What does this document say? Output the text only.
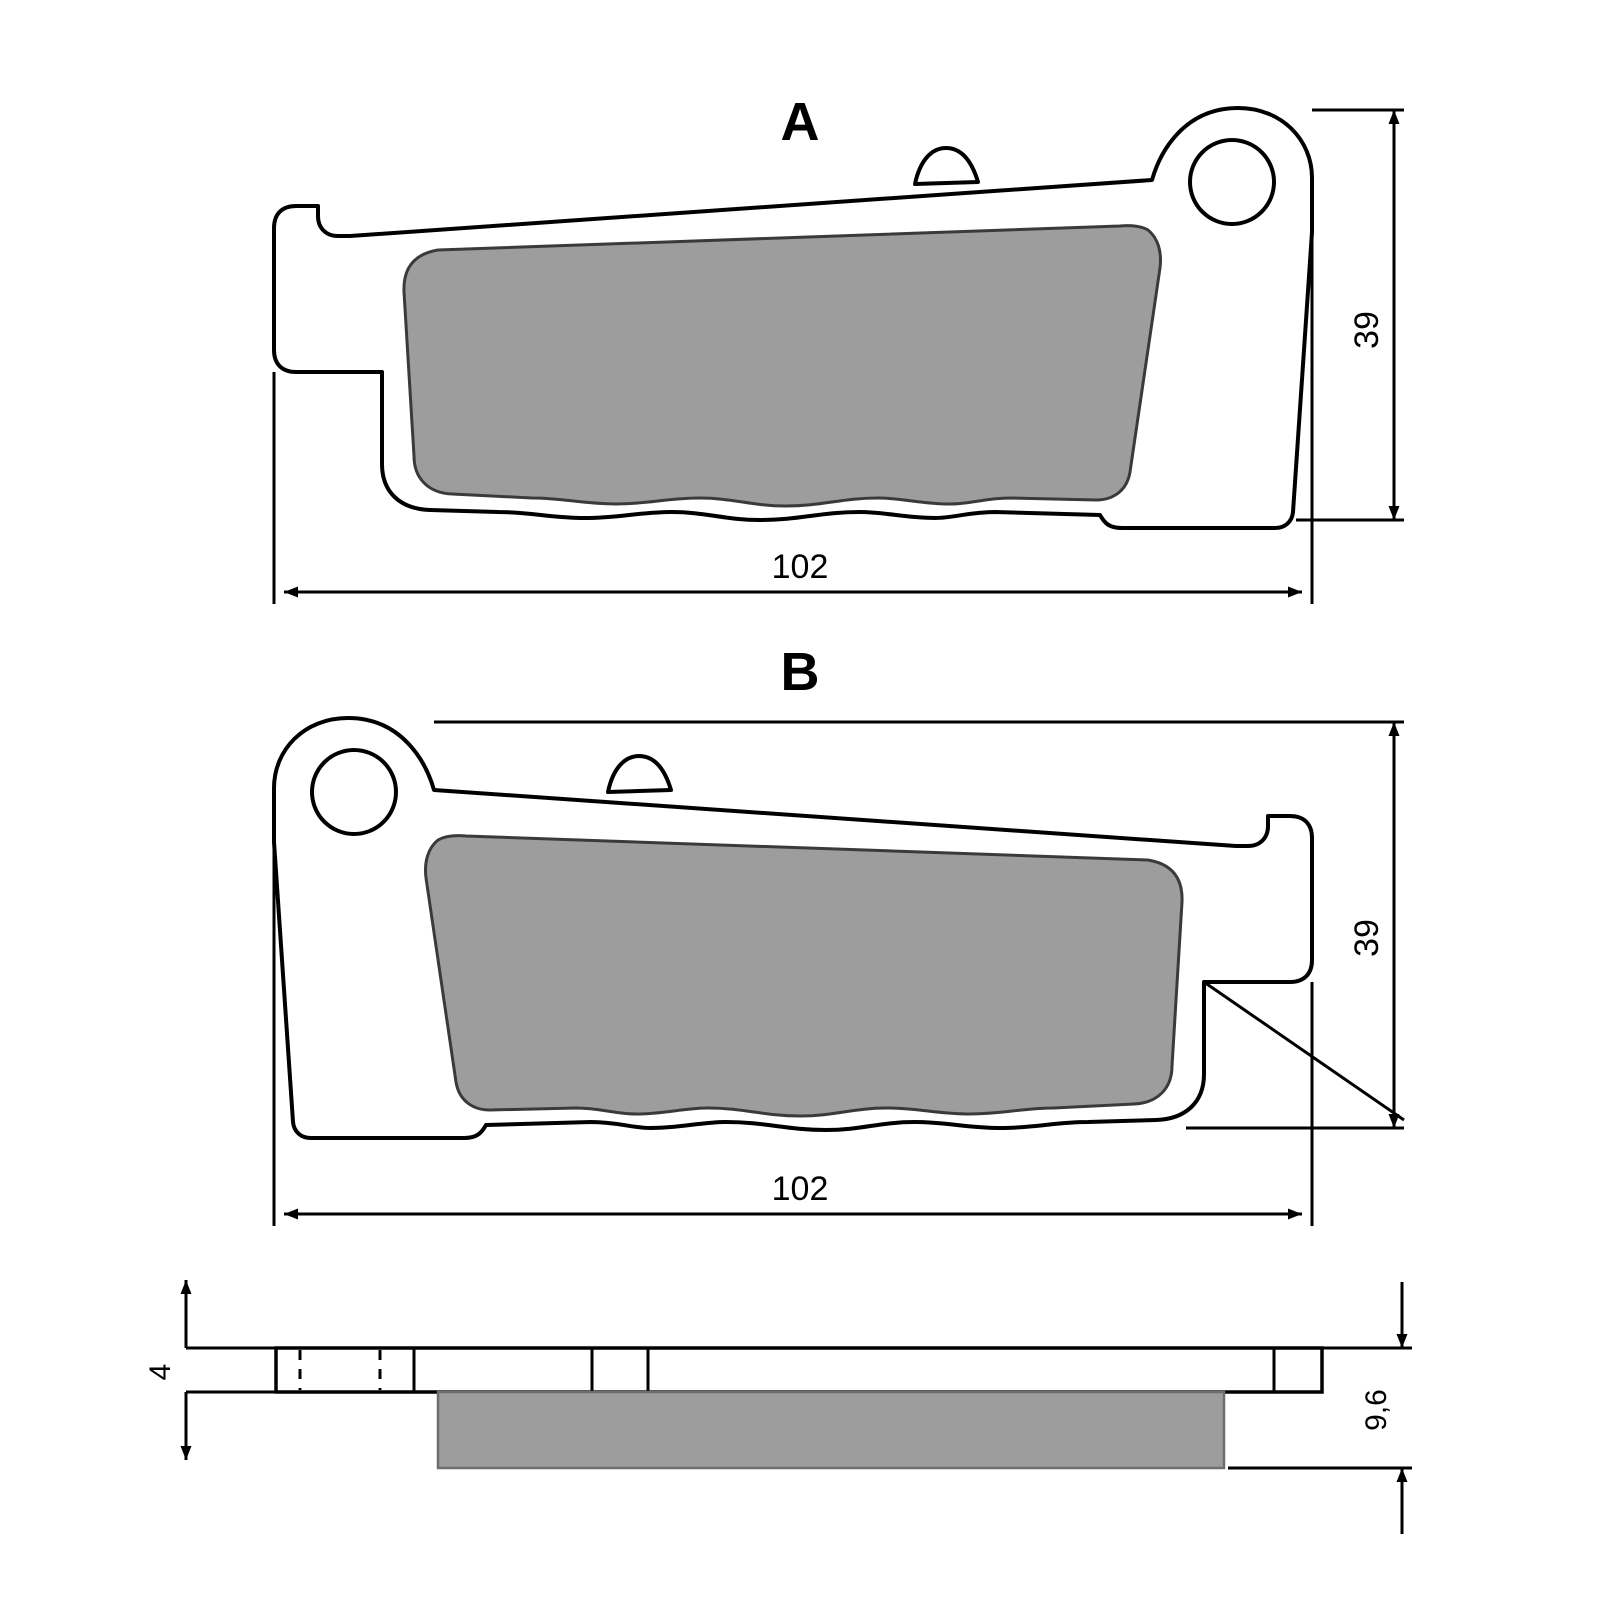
A
39
102
B
39
102
4
9,6
